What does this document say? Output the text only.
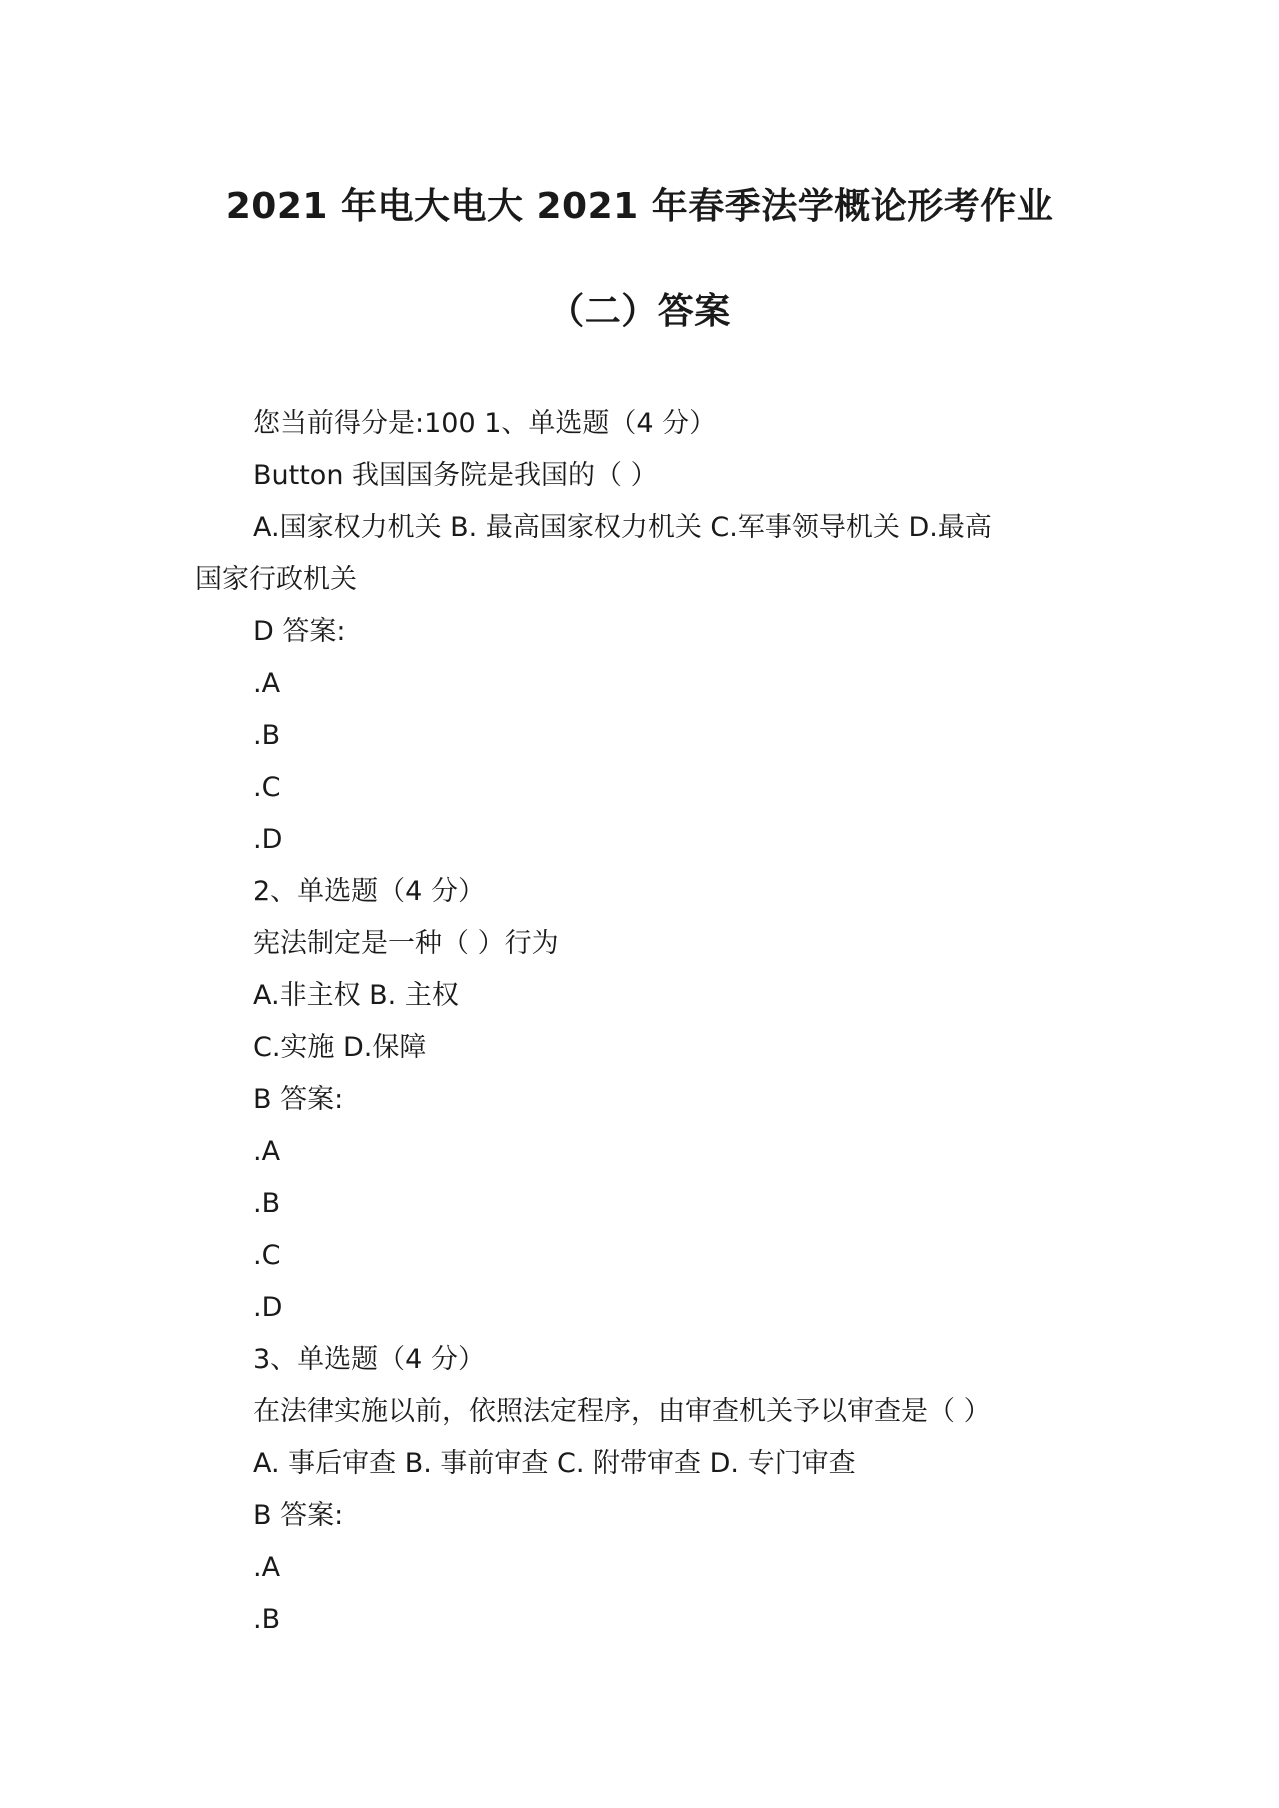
2021 年电大电大 2021 年春季法学概论形考作业
（二）答案
您当前得分是:100 1、单选题（4 分）
Button 我国国务院是我国的（ ）
A.国家权力机关 B. 最高国家权力机关 C.军事领导机关 D.最高
国家行政机关
D 答案:
.A
.B
.C
.D
2、单选题（4 分）
宪法制定是一种（ ）行为
A.非主权 B. 主权
C.实施 D.保障
B 答案:
.A
.B
.C
.D
3、单选题（4 分）
在法律实施以前，依照法定程序，由审查机关予以审查是（ ）
A. 事后审查 B. 事前审查 C. 附带审查 D. 专门审查
B 答案:
.A
.B
